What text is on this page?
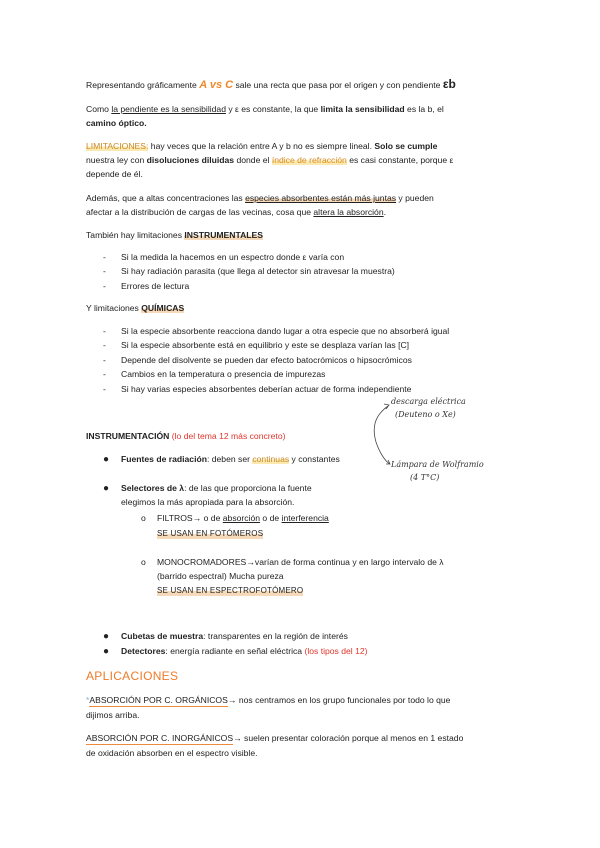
Representando gráficamente A vs C sale una recta que pasa por el origen y con pendiente εb
Como la pendiente es la sensibilidad y ε es constante, la que limita la sensibilidad es la b, el
camino óptico.
LIMITACIONES: hay veces que la relación entre A y b no es siempre lineal. Solo se cumple
nuestra ley con disoluciones diluidas donde el índice de refracción es casi constante, porque ε
depende de él.
Además, que a altas concentraciones las especies absorbentes están más juntas y pueden
afectar a la distribución de cargas de las vecinas, cosa que altera la absorción.
También hay limitaciones INSTRUMENTALES
- Si la medida la hacemos en un espectro donde ε varía con
- Si hay radiación parasita (que llega al detector sin atravesar la muestra)
- Errores de lectura
Y limitaciones QUÍMICAS
- Si la especie absorbente reacciona dando lugar a otra especie que no absorberá igual
- Si la especie absorbente está en equilibrio y este se desplaza varían las [C]
- Depende del disolvente se pueden dar efecto batocrómicos o hipsocrómicos
- Cambios en la temperatura o presencia de impurezas
- Si hay varias especies absorbentes deberían actuar de forma independiente
INSTRUMENTACIÓN (lo del tema 12 más concreto)
● Fuentes de radiación: deben ser continuas y constantes
● Selectores de λ: de las que proporciona la fuente
elegimos la más apropiada para la absorción.
o FILTROS→ o de absorción o de interferencia
SE USAN EN FOTÓMEROS
o MONOCROMADORES→varían de forma continua y en largo intervalo de λ
(barrido espectral) Mucha pureza
SE USAN EN ESPECTROFOTÓMERO
● Cubetas de muestra: transparentes en la región de interés
● Detectores: energía radiante en señal eléctrica (los tipos del 12)
descarga eléctrica
(Deuteno o Xe)
Lámpara de Wolframio
(4 T°C)
APLICACIONES
*ABSORCIÓN POR C. ORGÁNICOS→ nos centramos en los grupo funcionales por todo lo que
dijimos arriba.
ABSORCIÓN POR C. INORGÁNICOS→ suelen presentar coloración porque al menos en 1 estado
de oxidación absorben en el espectro visible.
